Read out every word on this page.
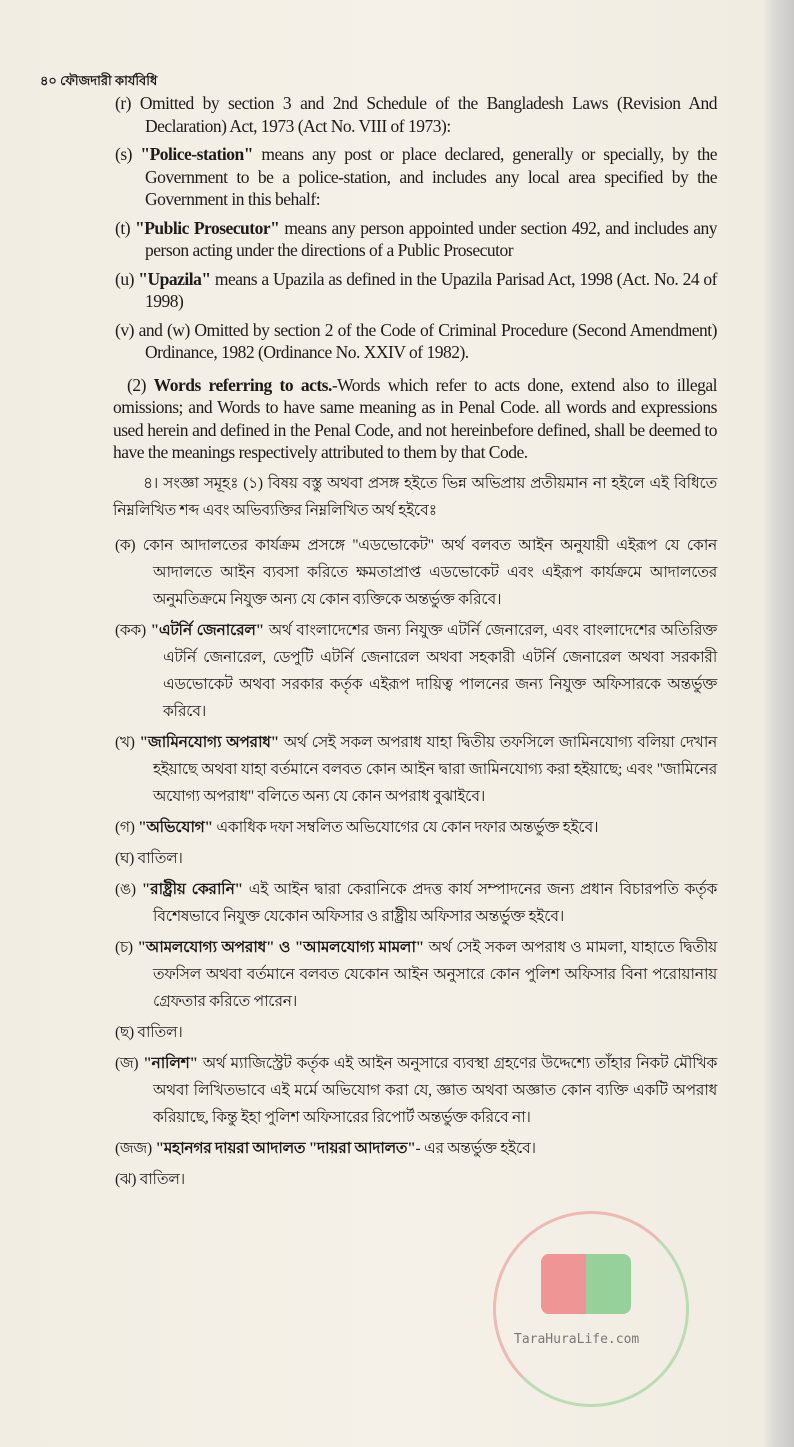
৪০ ফৌজদারী কার্যবিধি
(r) Omitted by section 3 and 2nd Schedule of the Bangladesh Laws (Revision And Declaration) Act, 1973 (Act No. VIII of 1973):
(s) "Police-station" means any post or place declared, generally or specially, by the Government to be a police-station, and includes any local area specified by the Government in this behalf:
(t) "Public Prosecutor" means any person appointed under section 492, and includes any person acting under the directions of a Public Prosecutor
(u) "Upazila" means a Upazila as defined in the Upazila Parisad Act, 1998 (Act. No. 24 of 1998)
(v) and (w) Omitted by section 2 of the Code of Criminal Procedure (Second Amendment) Ordinance, 1982 (Ordinance No. XXIV of 1982).
(2) Words referring to acts.-Words which refer to acts done, extend also to illegal omissions; and Words to have same meaning as in Penal Code. all words and expressions used herein and defined in the Penal Code, and not hereinbefore defined, shall be deemed to have the meanings respectively attributed to them by that Code.
৪। সংজ্ঞা সমূহঃ (১) বিষয় বস্তু অথবা প্রসঙ্গ হইতে ভিন্ন অভিপ্রায় প্রতীয়মান না হইলে এই বিধিতে নিম্নলিখিত শব্দ এবং অভিব্যক্তির নিম্নলিখিত অর্থ হইবেঃ
(ক) কোন আদালতের কার্যক্রম প্রসঙ্গে "এডভোকেট" অর্থ বলবত আইন অনুযায়ী এইরূপ যে কোন আদালতে আইন ব্যবসা করিতে ক্ষমতাপ্রাপ্ত এডভোকেট এবং এইরূপ কার্যক্রমে আদালতের অনুমতিক্রমে নিযুক্ত অন্য যে কোন ব্যক্তিকে অন্তর্ভুক্ত করিবে।
(কক) "এটর্নি জেনারেল" অর্থ বাংলাদেশের জন্য নিযুক্ত এটর্নি জেনারেল, এবং বাংলাদেশের অতিরিক্ত এটর্নি জেনারেল, ডেপুটি এটর্নি জেনারেল অথবা সহকারী এটর্নি জেনারেল অথবা সরকারী এডভোকেট অথবা সরকার কর্তৃক এইরূপ দায়িত্ব পালনের জন্য নিযুক্ত অফিসারকে অন্তর্ভুক্ত করিবে।
(খ) "জামিনযোগ্য অপরাধ" অর্থ সেই সকল অপরাধ যাহা দ্বিতীয় তফসিলে জামিনযোগ্য বলিয়া দেখান হইয়াছে অথবা যাহা বর্তমানে বলবত কোন আইন দ্বারা জামিনযোগ্য করা হইয়াছে; এবং "জামিনের অযোগ্য অপরাধ" বলিতে অন্য যে কোন অপরাধ বুঝাইবে।
(গ) "অভিযোগ" একাধিক দফা সম্বলিত অভিযোগের যে কোন দফার অন্তর্ভুক্ত হইবে।
(ঘ) বাতিল।
(ঙ) "রাষ্ট্রীয় কেরানি" এই আইন দ্বারা কেরানিকে প্রদত্ত কার্য সম্পাদনের জন্য প্রধান বিচারপতি কর্তৃক বিশেষভাবে নিযুক্ত যেকোন অফিসার ও রাষ্ট্রীয় অফিসার অন্তর্ভুক্ত হইবে।
(চ) "আমলযোগ্য অপরাধ" ও "আমলযোগ্য মামলা" অর্থ সেই সকল অপরাধ ও মামলা, যাহাতে দ্বিতীয় তফসিল অথবা বর্তমানে বলবত যেকোন আইন অনুসারে কোন পুলিশ অফিসার বিনা পরোয়ানায় গ্রেফতার করিতে পারেন।
(ছ) বাতিল।
(জ) "নালিশ" অর্থ ম্যাজিস্ট্রেট কর্তৃক এই আইন অনুসারে ব্যবস্থা গ্রহণের উদ্দেশ্যে তাঁহার নিকট মৌখিক অথবা লিখিতভাবে এই মর্মে অভিযোগ করা যে, জ্ঞাত অথবা অজ্ঞাত কোন ব্যক্তি একটি অপরাধ করিয়াছে, কিন্তু ইহা পুলিশ অফিসারের রিপোর্ট অন্তর্ভুক্ত করিবে না।
(জজ) "মহানগর দায়রা আদালত "দায়রা আদালত"- এর অন্তর্ভুক্ত হইবে।
(ঝ) বাতিল।
TaraHuraLife.com
